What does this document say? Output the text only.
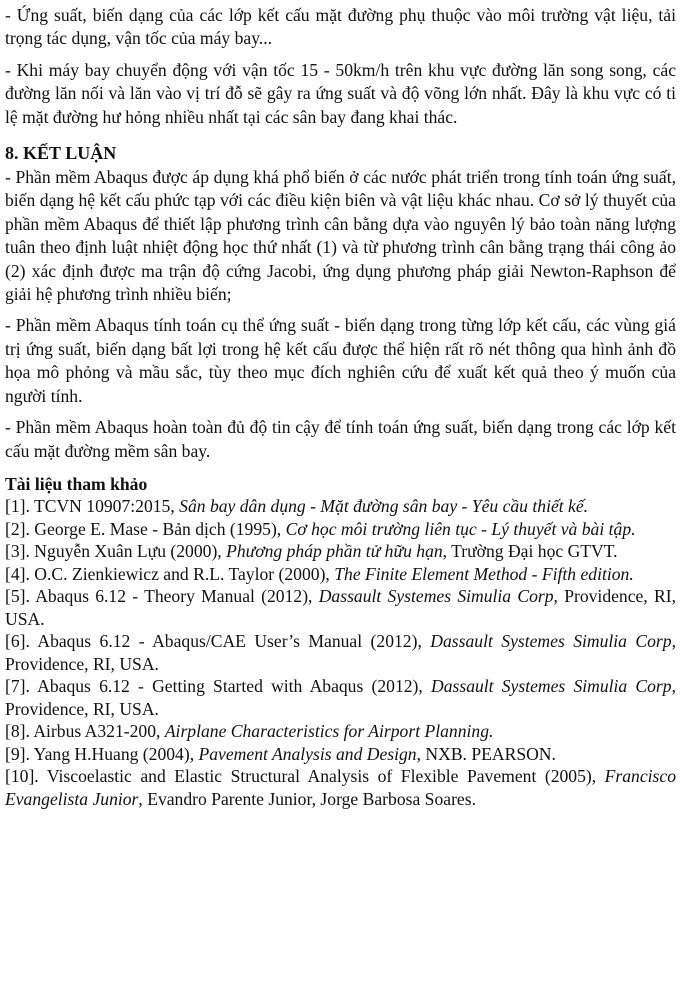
- Ứng suất, biến dạng của các lớp kết cấu mặt đường phụ thuộc vào môi trường vật liệu, tải trọng tác dụng, vận tốc của máy bay...

- Khi máy bay chuyển động với vận tốc 15 - 50km/h trên khu vực đường lăn song song, các đường lăn nối và lăn vào vị trí đỗ sẽ gây ra ứng suất và độ võng lớn nhất. Đây là khu vực có ti lệ mặt đường hư hỏng nhiều nhất tại các sân bay đang khai thác.

8. KẾT LUẬN

- Phần mềm Abaqus được áp dụng khá phổ biến ở các nước phát triển trong tính toán ứng suất, biến dạng hệ kết cấu phức tạp với các điều kiện biên và vật liệu khác nhau. Cơ sở lý thuyết của phần mềm Abaqus để thiết lập phương trình cân bằng dựa vào nguyên lý bảo toàn năng lượng tuân theo định luật nhiệt động học thứ nhất (1) và từ phương trình cân bằng trạng thái công ảo (2) xác định được ma trận độ cứng Jacobi, ứng dụng phương pháp giải Newton-Raphson để giải hệ phương trình nhiều biến;

- Phần mềm Abaqus tính toán cụ thể ứng suất - biến dạng trong từng lớp kết cấu, các vùng giá trị ứng suất, biến dạng bất lợi trong hệ kết cấu được thể hiện rất rõ nét thông qua hình ảnh đồ họa mô phỏng và mầu sắc, tùy theo mục đích nghiên cứu để xuất kết quả theo ý muốn của người tính.

- Phần mềm Abaqus hoàn toàn đủ độ tin cậy để tính toán ứng suất, biến dạng trong các lớp kết cấu mặt đường mềm sân bay.

Tài liệu tham khảo

[1]. TCVN 10907:2015, Sân bay dân dụng - Mặt đường sân bay - Yêu cầu thiết kế.

[2]. George E. Mase - Bản dịch (1995), Cơ học môi trường liên tục - Lý thuyết và bài tập.

[3]. Nguyễn Xuân Lựu (2000), Phương pháp phần tử hữu hạn, Trường Đại học GTVT.

[4]. O.C. Zienkiewicz and R.L. Taylor (2000), The Finite Element Method - Fifth edition.

[5]. Abaqus 6.12 - Theory Manual (2012), Dassault Systemes Simulia Corp, Providence, RI, USA.

[6]. Abaqus 6.12 - Abaqus/CAE User’s Manual (2012), Dassault Systemes Simulia Corp, Providence, RI, USA.

[7]. Abaqus 6.12 - Getting Started with Abaqus (2012), Dassault Systemes Simulia Corp, Providence, RI, USA.

[8]. Airbus A321-200, Airplane Characteristics for Airport Planning.

[9]. Yang H.Huang (2004), Pavement Analysis and Design, NXB. PEARSON.

[10]. Viscoelastic and Elastic Structural Analysis of Flexible Pavement (2005), Francisco Evangelista Junior, Evandro Parente Junior, Jorge Barbosa Soares.
